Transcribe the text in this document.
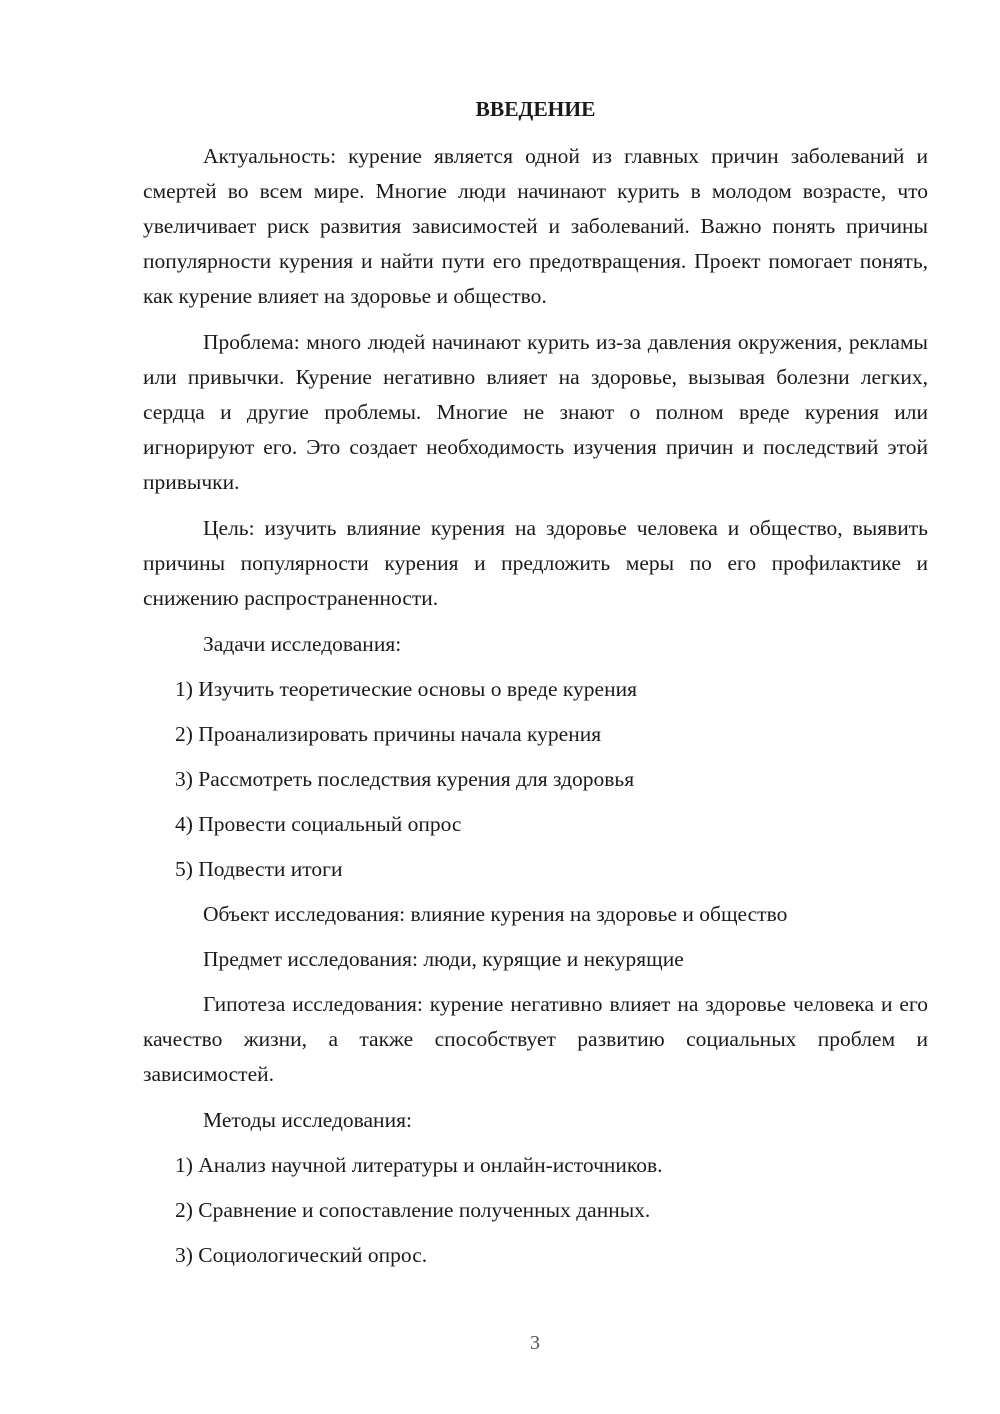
ВВЕДЕНИЕ

Актуальность: курение является одной из главных причин заболеваний и смертей во всем мире. Многие люди начинают курить в молодом возрасте, что увеличивает риск развития зависимостей и заболеваний. Важно понять причины популярности курения и найти пути его предотвращения. Проект помогает понять, как курение влияет на здоровье и общество.

Проблема: много людей начинают курить из-за давления окружения, рекламы или привычки. Курение негативно влияет на здоровье, вызывая болезни легких, сердца и другие проблемы. Многие не знают о полном вреде курения или игнорируют его. Это создает необходимость изучения причин и последствий этой привычки.

Цель: изучить влияние курения на здоровье человека и общество, выявить причины популярности курения и предложить меры по его профилактике и снижению распространенности.

Задачи исследования:

1) Изучить теоретические основы о вреде курения

2) Проанализировать причины начала курения

3) Рассмотреть последствия курения для здоровья

4) Провести социальный опрос

5) Подвести итоги

Объект исследования: влияние курения на здоровье и общество

Предмет исследования: люди, курящие и некурящие

Гипотеза исследования: курение негативно влияет на здоровье человека и его качество жизни, а также способствует развитию социальных проблем и зависимостей.

Методы исследования:

1) Анализ научной литературы и онлайн-источников.

2) Сравнение и сопоставление полученных данных.

3) Социологический опрос.

3
